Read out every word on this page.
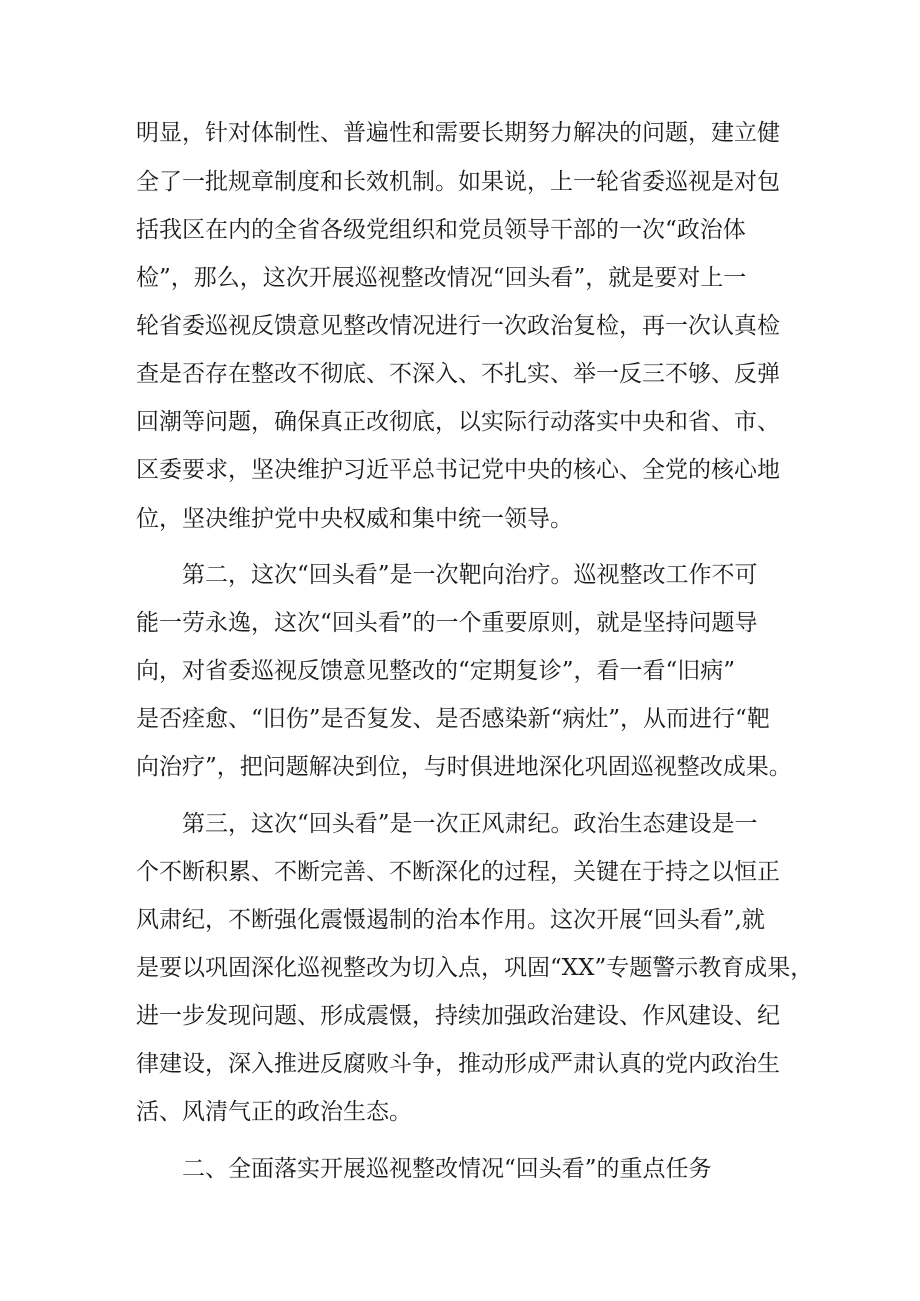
明显，针对体制性、普遍性和需要长期努力解决的问题，建立健
全了一批规章制度和长效机制。如果说，上一轮省委巡视是对包
括我区在内的全省各级党组织和党员领导干部的一次“政治体
检”，那么，这次开展巡视整改情况“回头看”，就是要对上一
轮省委巡视反馈意见整改情况进行一次政治复检，再一次认真检
查是否存在整改不彻底、不深入、不扎实、举一反三不够、反弹
回潮等问题，确保真正改彻底，以实际行动落实中央和省、市、
区委要求，坚决维护习近平总书记党中央的核心、全党的核心地
位，坚决维护党中央权威和集中统一领导。
第二，这次“回头看”是一次靶向治疗。巡视整改工作不可
能一劳永逸，这次“回头看”的一个重要原则，就是坚持问题导
向，对省委巡视反馈意见整改的“定期复诊”，看一看“旧病”
是否痊愈、“旧伤”是否复发、是否感染新“病灶”，从而进行“靶
向治疗”，把问题解决到位，与时俱进地深化巩固巡视整改成果。
第三，这次“回头看”是一次正风肃纪。政治生态建设是一
个不断积累、不断完善、不断深化的过程，关键在于持之以恒正
风肃纪，不断强化震慑遏制的治本作用。这次开展“回头看”,就
是要以巩固深化巡视整改为切入点，巩固“XX”专题警示教育成果，
进一步发现问题、形成震慑，持续加强政治建设、作风建设、纪
律建设，深入推进反腐败斗争，推动形成严肃认真的党内政治生
活、风清气正的政治生态。
二、全面落实开展巡视整改情况“回头看”的重点任务
